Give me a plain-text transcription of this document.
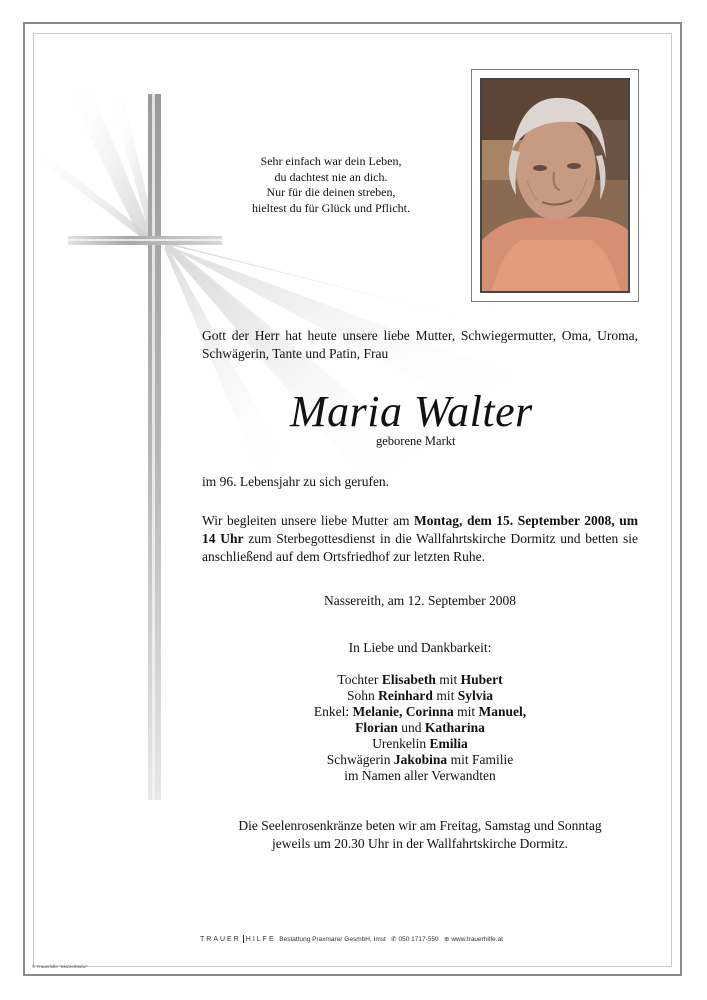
Sehr einfach war dein Leben,
du dachtest nie an dich.
Nur für die deinen streben,
hieltest du für Glück und Pflicht.
Gott der Herr hat heute unsere liebe Mutter, Schwiegermutter, Oma, Uroma, Schwägerin, Tante und Patin, Frau
Maria Walter
geborene Markt
im 96. Lebensjahr zu sich gerufen.
Wir begleiten unsere liebe Mutter am Montag, dem 15. September 2008, um 14 Uhr zum Sterbegottesdienst in die Wallfahrtskirche Dormitz und betten sie anschließend auf dem Ortsfriedhof zur letzten Ruhe.
Nassereith, am 12. September 2008
In Liebe und Dankbarkeit:
Tochter Elisabeth mit Hubert
Sohn Reinhard mit Sylvia
Enkel: Melanie, Corinna mit Manuel,
Florian und Katharina
Urenkelin Emilia
Schwägerin Jakobina mit Familie
im Namen aller Verwandten
Die Seelenrosenkränze beten wir am Freitag, Samstag und Sonntag
jeweils um 20.30 Uhr in der Wallfahrtskirche Dormitz.
TRAUER HILFE Bestattung Praxmarer GesmbH, Imst ✆ 050 1717-550 ⊕ www.trauerhilfe.at
© Trauerhilfe "Skizze/Motiv"
